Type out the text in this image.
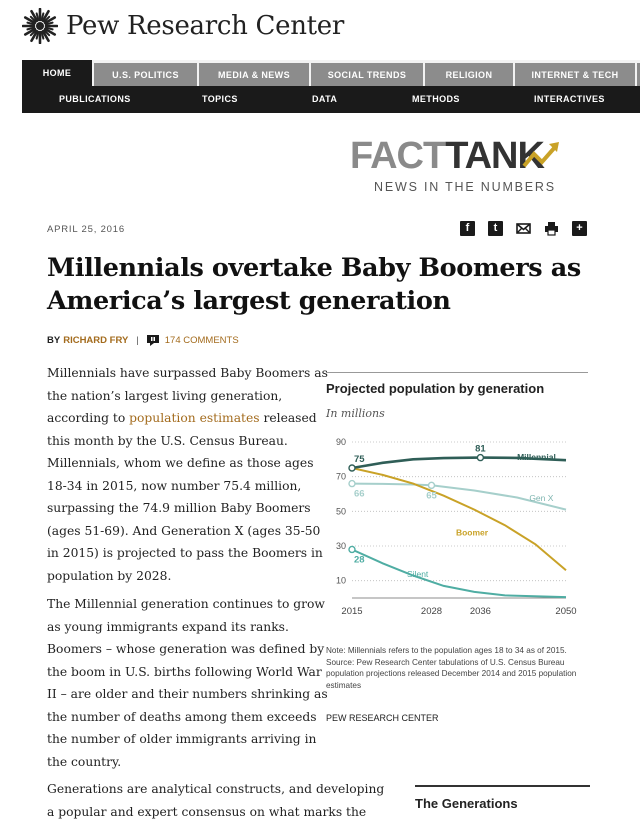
Pew Research Center
HOME	U.S. POLITICS	MEDIA & NEWS	SOCIAL TRENDS	RELIGION	INTERNET & TECH
PUBLICATIONS	TOPICS	DATA	METHODS	INTERACTIVES
FACTTANK
NEWS IN THE NUMBERS
APRIL 25, 2016	f	t	+
Millennials overtake Baby Boomers as America’s largest generation
BY RICHARD FRY |	174 COMMENTS
Millennials have surpassed Baby Boomers as the nation’s largest living generation, according to population estimates released this month by the U.S. Census Bureau. Millennials, whom we define as those ages 18-34 in 2015, now number 75.4 million, surpassing the 74.9 million Baby Boomers (ages 51-69). And Generation X (ages 35-50 in 2015) is projected to pass the Boomers in population by 2028.
The Millennial generation continues to grow as young immigrants expand its ranks. Boomers – whose generation was defined by the boom in U.S. births following World War II – are older and their numbers shrinking as the number of deaths among them exceeds the number of older immigrants arriving in the country.
Generations are analytical constructs, and developing a popular and expert consensus on what marks the
Projected population by generation
In millions
10
30
50
70
90
2015	2028	2036	2050
75
81
66	65
28
Millennial
Gen X
Boomer
Silent
Note: Millennials refers to the population ages 18 to 34 as of 2015.
Source: Pew Research Center tabulations of U.S. Census Bureau population projections released December 2014 and 2015 population estimates
PEW RESEARCH CENTER
The Generations
